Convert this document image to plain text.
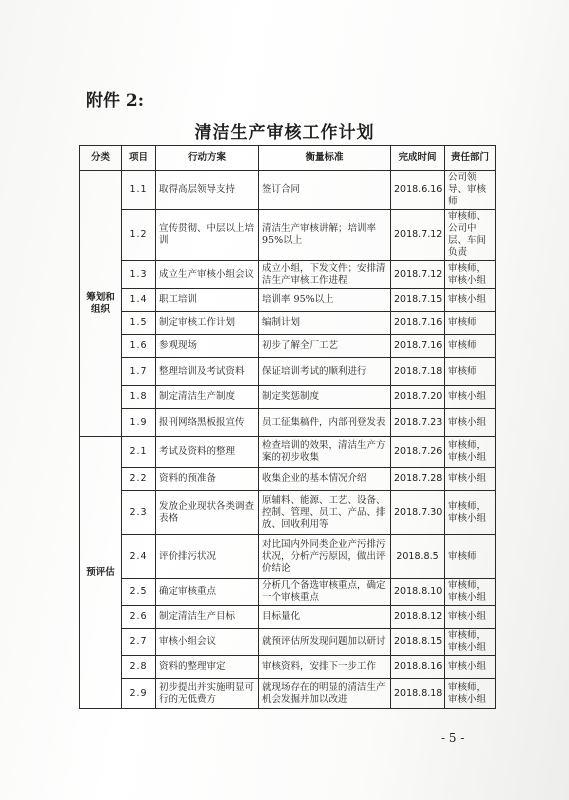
附件 2:
清洁生产审核工作计划
分类	项目	行动方案	衡量标准	完成时间	责任部门
筹划和组织	1.1	取得高层领导支持	签订合同	2018.6.16	公司领导、审核师
	1.2	宣传贯彻、中层以上培训	清洁生产审核讲解；培训率95%以上	2018.7.12	审核师、公司中层、车间负责
	1.3	成立生产审核小组会议	成立小组，下发文件；安排清洁生产审核工作进程	2018.7.12	审核师，审核小组
	1.4	职工培训	培训率 95%以上	2018.7.15	审核小组
	1.5	制定审核工作计划	编制计划	2018.7.16	审核师
	1.6	参观现场	初步了解全厂工艺	2018.7.16	审核师
	1.7	整理培训及考试资料	保证培训考试的顺利进行	2018.7.18	审核师
	1.8	制定清洁生产制度	制定奖惩制度	2018.7.20	审核小组
	1.9	报刊网络黑板报宣传	员工征集稿件，内部刊登发表	2018.7.23	审核小组
预评估	2.1	考试及资料的整理	检查培训的效果，清洁生产方案的初步收集	2018.7.26	审核师，审核小组
	2.2	资料的预准备	收集企业的基本情况介绍	2018.7.28	审核小组
	2.3	发放企业现状各类调查表格	原辅料、能源、工艺、设备、控制、管理、员工、产品、排放、回收利用等	2018.7.30	审核师，审核小组
	2.4	评价排污状况	对比国内外同类企业产污排污状况，分析产污原因，做出评价结论	2018.8.5	审核师
	2.5	确定审核重点	分析几个备选审核重点，确定一个审核重点	2018.8.10	审核师，审核小组
	2.6	制定清洁生产目标	目标量化	2018.8.12	审核小组
	2.7	审核小组会议	就预评估所发现问题加以研讨	2018.8.15	审核师，审核小组
	2.8	资料的整理审定	审核资料，安排下一步工作	2018.8.16	审核小组
	2.9	初步提出并实施明显可行的无低费方	就现场存在的明显的清洁生产机会发掘并加以改进	2018.8.18	审核师，审核小组
- 5 -
